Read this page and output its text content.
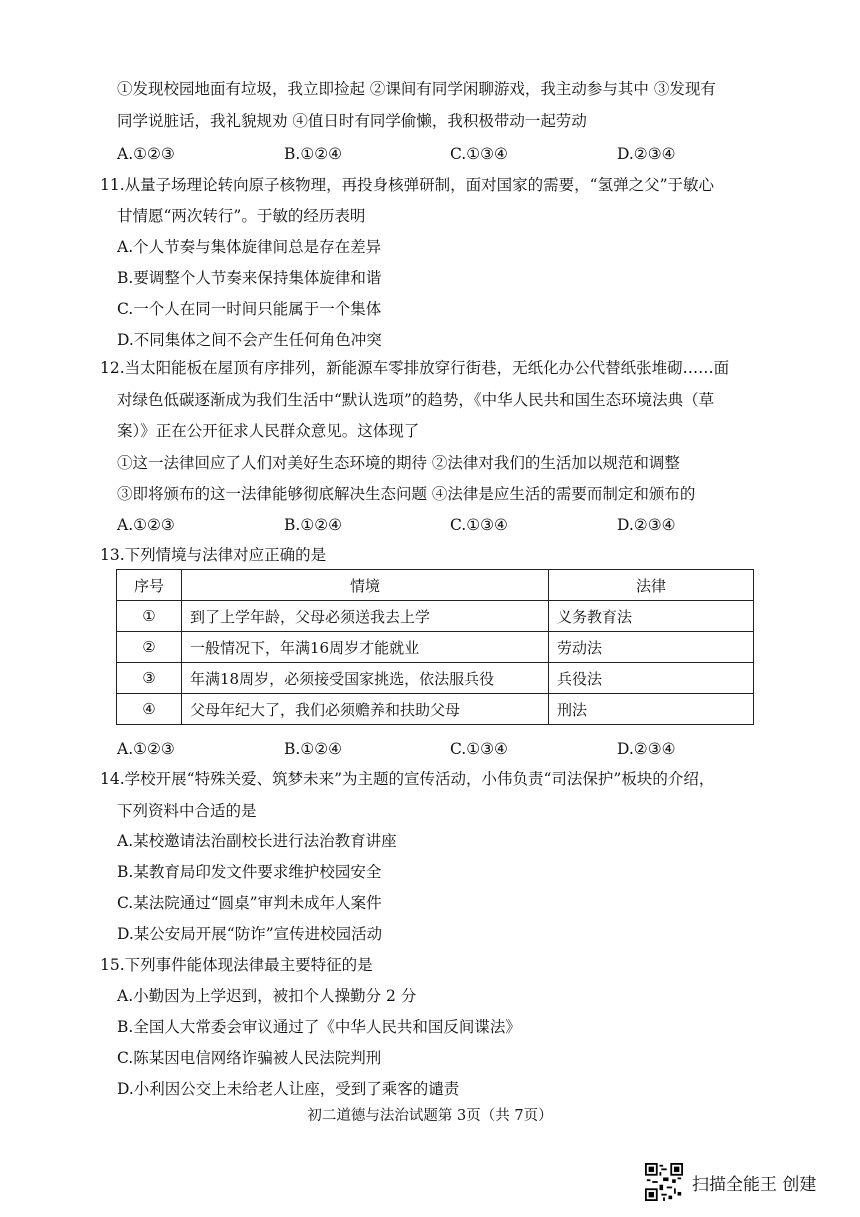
①发现校园地面有垃圾，我立即捡起 ②课间有同学闲聊游戏，我主动参与其中 ③发现有
同学说脏话，我礼貌规劝 ④值日时有同学偷懒，我积极带动一起劳动
A.①②③	B.①②④	C.①③④	D.②③④
11.从量子场理论转向原子核物理，再投身核弹研制，面对国家的需要，“氢弹之父”于敏心
甘情愿“两次转行”。于敏的经历表明
A.个人节奏与集体旋律间总是存在差异
B.要调整个人节奏来保持集体旋律和谐
C.一个人在同一时间只能属于一个集体
D.不同集体之间不会产生任何角色冲突
12.当太阳能板在屋顶有序排列，新能源车零排放穿行街巷，无纸化办公代替纸张堆砌……面
对绿色低碳逐渐成为我们生活中“默认选项”的趋势，《中华人民共和国生态环境法典（草
案）》正在公开征求人民群众意见。这体现了
①这一法律回应了人们对美好生态环境的期待 ②法律对我们的生活加以规范和调整
③即将颁布的这一法律能够彻底解决生态问题 ④法律是应生活的需要而制定和颁布的
A.①②③	B.①②④	C.①③④	D.②③④
13.下列情境与法律对应正确的是
序号	情境	法律
①	到了上学年龄，父母必须送我去上学	义务教育法
②	一般情况下，年满16周岁才能就业	劳动法
③	年满18周岁，必须接受国家挑选，依法服兵役	兵役法
④	父母年纪大了，我们必须赡养和扶助父母	刑法
A.①②③	B.①②④	C.①③④	D.②③④
14.学校开展“特殊关爱、筑梦未来”为主题的宣传活动，小伟负责“司法保护”板块的介绍，
下列资料中合适的是
A.某校邀请法治副校长进行法治教育讲座
B.某教育局印发文件要求维护校园安全
C.某法院通过“圆桌”审判未成年人案件
D.某公安局开展“防诈”宣传进校园活动
15.下列事件能体现法律最主要特征的是
A.小勤因为上学迟到，被扣个人操勤分 2 分
B.全国人大常委会审议通过了《中华人民共和国反间谍法》
C.陈某因电信网络诈骗被人民法院判刑
D.小利因公交上未给老人让座，受到了乘客的谴责
初二道德与法治试题第 3页（共 7页）
扫描全能王 创建
